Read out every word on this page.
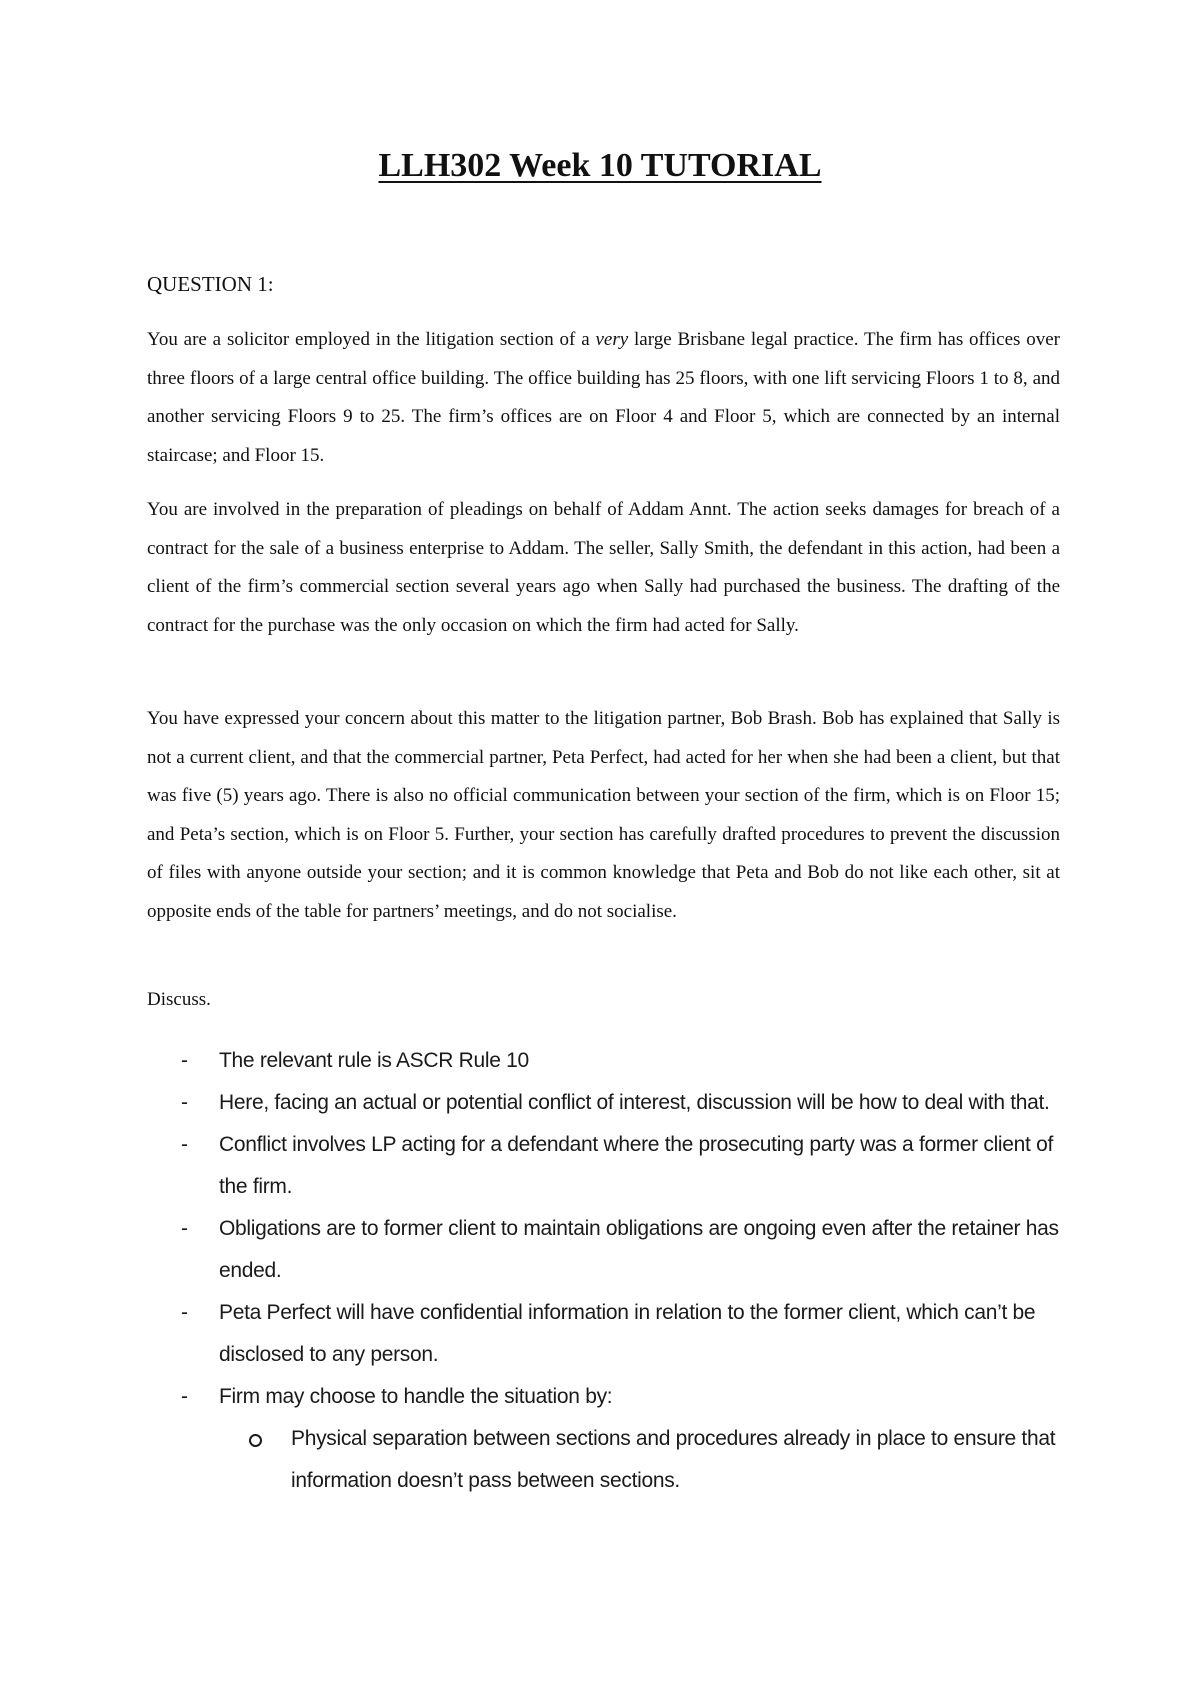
LLH302 Week 10 TUTORIAL

QUESTION 1:

You are a solicitor employed in the litigation section of a very large Brisbane legal practice. The firm has offices over three floors of a large central office building. The office building has 25 floors, with one lift servicing Floors 1 to 8, and another servicing Floors 9 to 25. The firm’s offices are on Floor 4 and Floor 5, which are connected by an internal staircase; and Floor 15.

You are involved in the preparation of pleadings on behalf of Addam Annt. The action seeks damages for breach of a contract for the sale of a business enterprise to Addam. The seller, Sally Smith, the defendant in this action, had been a client of the firm’s commercial section several years ago when Sally had purchased the business. The drafting of the contract for the purchase was the only occasion on which the firm had acted for Sally.

You have expressed your concern about this matter to the litigation partner, Bob Brash. Bob has explained that Sally is not a current client, and that the commercial partner, Peta Perfect, had acted for her when she had been a client, but that was five (5) years ago. There is also no official communication between your section of the firm, which is on Floor 15; and Peta’s section, which is on Floor 5. Further, your section has carefully drafted procedures to prevent the discussion of files with anyone outside your section; and it is common knowledge that Peta and Bob do not like each other, sit at opposite ends of the table for partners’ meetings, and do not socialise.

Discuss.

- The relevant rule is ASCR Rule 10
- Here, facing an actual or potential conflict of interest, discussion will be how to deal with that.
- Conflict involves LP acting for a defendant where the prosecuting party was a former client of the firm.
- Obligations are to former client to maintain obligations are ongoing even after the retainer has ended.
- Peta Perfect will have confidential information in relation to the former client, which can’t be disclosed to any person.
- Firm may choose to handle the situation by:
Physical separation between sections and procedures already in place to ensure that information doesn’t pass between sections.
